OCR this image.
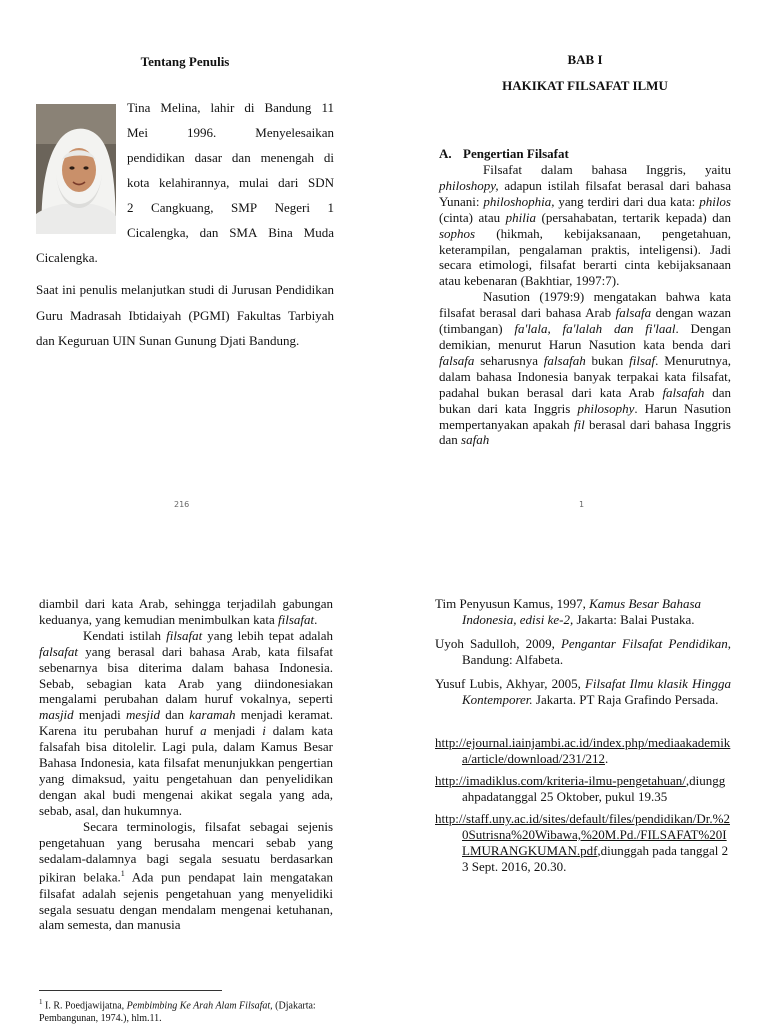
Tentang Penulis
Tina Melina, lahir di Bandung 11
Mei	1996.	Menyelesaikan
pendidikan dasar dan menengah di
kota kelahirannya, mulai dari SDN
2 Cangkuang, SMP Negeri 1
Cicalengka, dan SMA Bina Muda
Cicalengka.
Saat ini penulis melanjutkan studi di Jurusan Pendidikan Guru Madrasah Ibtidaiyah (PGMI) Fakultas Tarbiyah dan Keguruan UIN Sunan Gunung Djati Bandung.
216
BAB I
HAKIKAT FILSAFAT ILMU
A. Pengertian Filsafat
Filsafat dalam bahasa Inggris, yaitu philoshopy, adapun istilah filsafat berasal dari bahasa Yunani: philoshophia, yang terdiri dari dua kata: philos (cinta) atau philia (persahabatan, tertarik kepada) dan sophos (hikmah, kebijaksanaan, pengetahuan, keterampilan, pengalaman praktis, inteligensi). Jadi secara etimologi, filsafat berarti cinta kebijaksanaan atau kebenaran (Bakhtiar, 1997:7).
Nasution (1979:9) mengatakan bahwa kata filsafat berasal dari bahasa Arab falsafa dengan wazan (timbangan) fa'lala, fa'lalah dan fi'laal. Dengan demikian, menurut Harun Nasution kata benda dari falsafa seharusnya falsafah bukan filsaf. Menurutnya, dalam bahasa Indonesia banyak terpakai kata filsafat, padahal bukan berasal dari kata Arab falsafah dan bukan dari kata Inggris philosophy. Harun Nasution mempertanyakan apakah fil berasal dari bahasa Inggris dan safah
1
diambil dari kata Arab, sehingga terjadilah gabungan keduanya, yang kemudian menimbulkan kata filsafat.
Kendati istilah filsafat yang lebih tepat adalah falsafat yang berasal dari bahasa Arab, kata filsafat sebenarnya bisa diterima dalam bahasa Indonesia. Sebab, sebagian kata Arab yang diindonesiakan mengalami perubahan dalam huruf vokalnya, seperti masjid menjadi mesjid dan karamah menjadi keramat. Karena itu perubahan huruf a menjadi i dalam kata falsafah bisa ditolelir. Lagi pula, dalam Kamus Besar Bahasa Indonesia, kata filsafat menunjukkan pengertian yang dimaksud, yaitu pengetahuan dan penyelidikan dengan akal budi mengenai akikat segala yang ada, sebab, asal, dan hukumnya.
Secara terminologis, filsafat sebagai sejenis pengetahuan yang berusaha mencari sebab yang sedalam-dalamnya bagi segala sesuatu berdasarkan pikiran belaka.$^1$ Ada pun pendapat lain mengatakan filsafat adalah sejenis pengetahuan yang menyelidiki segala sesuatu dengan mendalam mengenai ketuhanan, alam semesta, dan manusia
$^1$ I. R. Poedjawijatna, Pembimbing Ke Arah Alam Filsafat, (Djakarta: Pembangunan, 1974.), hlm.11.
Tim Penyusun Kamus, 1997, Kamus Besar Bahasa Indonesia, edisi ke-2, Jakarta: Balai Pustaka.
Uyoh Sadulloh, 2009, Pengantar Filsafat Pendidikan, Bandung: Alfabeta.
Yusuf Lubis, Akhyar, 2005, Filsafat Ilmu klasik Hingga Kontemporer. Jakarta. PT Raja Grafindo Persada.
http://ejournal.iainjambi.ac.id/index.php/mediaakademika/article/download/231/212.
http://imadiklus.com/kriteria-ilmu-pengetahuan/,diunggahpadatanggal 25 Oktober, pukul 19.35
http://staff.uny.ac.id/sites/default/files/pendidikan/Dr.%20Sutrisna%20Wibawa,%20M.Pd./FILSAFAT%20ILMURANGKUMAN.pdf,diunggah pada tanggal 23 Sept. 2016, 20.30.
